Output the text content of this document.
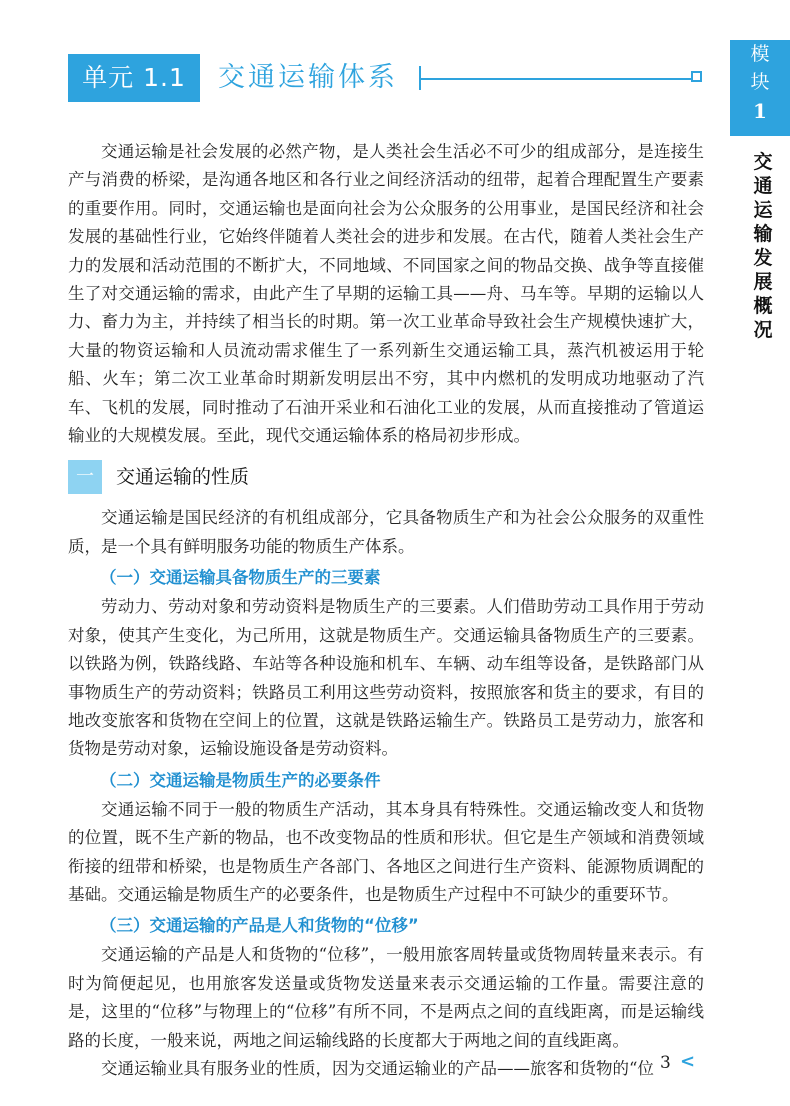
单元 1.1	交通运输体系
模
块
1
交通运输发展概况

交通运输是社会发展的必然产物，是人类社会生活必不可少的组成部分，是连接生产与消费的桥梁，是沟通各地区和各行业之间经济活动的纽带，起着合理配置生产要素的重要作用。同时，交通运输也是面向社会为公众服务的公用事业，是国民经济和社会发展的基础性行业，它始终伴随着人类社会的进步和发展。在古代，随着人类社会生产力的发展和活动范围的不断扩大，不同地域、不同国家之间的物品交换、战争等直接催生了对交通运输的需求，由此产生了早期的运输工具——舟、马车等。早期的运输以人力、畜力为主，并持续了相当长的时期。第一次工业革命导致社会生产规模快速扩大，大量的物资运输和人员流动需求催生了一系列新生交通运输工具，蒸汽机被运用于轮船、火车；第二次工业革命时期新发明层出不穷，其中内燃机的发明成功地驱动了汽车、飞机的发展，同时推动了石油开采业和石油化工业的发展，从而直接推动了管道运输业的大规模发展。至此，现代交通运输体系的格局初步形成。

一	交通运输的性质

交通运输是国民经济的有机组成部分，它具备物质生产和为社会公众服务的双重性质，是一个具有鲜明服务功能的物质生产体系。

（一）交通运输具备物质生产的三要素

劳动力、劳动对象和劳动资料是物质生产的三要素。人们借助劳动工具作用于劳动对象，使其产生变化，为己所用，这就是物质生产。交通运输具备物质生产的三要素。以铁路为例，铁路线路、车站等各种设施和机车、车辆、动车组等设备，是铁路部门从事物质生产的劳动资料；铁路员工利用这些劳动资料，按照旅客和货主的要求，有目的地改变旅客和货物在空间上的位置，这就是铁路运输生产。铁路员工是劳动力，旅客和货物是劳动对象，运输设施设备是劳动资料。

（二）交通运输是物质生产的必要条件

交通运输不同于一般的物质生产活动，其本身具有特殊性。交通运输改变人和货物的位置，既不生产新的物品，也不改变物品的性质和形状。但它是生产领域和消费领域衔接的纽带和桥梁，也是物质生产各部门、各地区之间进行生产资料、能源物质调配的基础。交通运输是物质生产的必要条件，也是物质生产过程中不可缺少的重要环节。

（三）交通运输的产品是人和货物的“位移”

交通运输的产品是人和货物的“位移”，一般用旅客周转量或货物周转量来表示。有时为简便起见，也用旅客发送量或货物发送量来表示交通运输的工作量。需要注意的是，这里的“位移”与物理上的“位移”有所不同，不是两点之间的直线距离，而是运输线路的长度，一般来说，两地之间运输线路的长度都大于两地之间的直线距离。

交通运输业具有服务业的性质，因为交通运输业的产品——旅客和货物的“位 3 <
